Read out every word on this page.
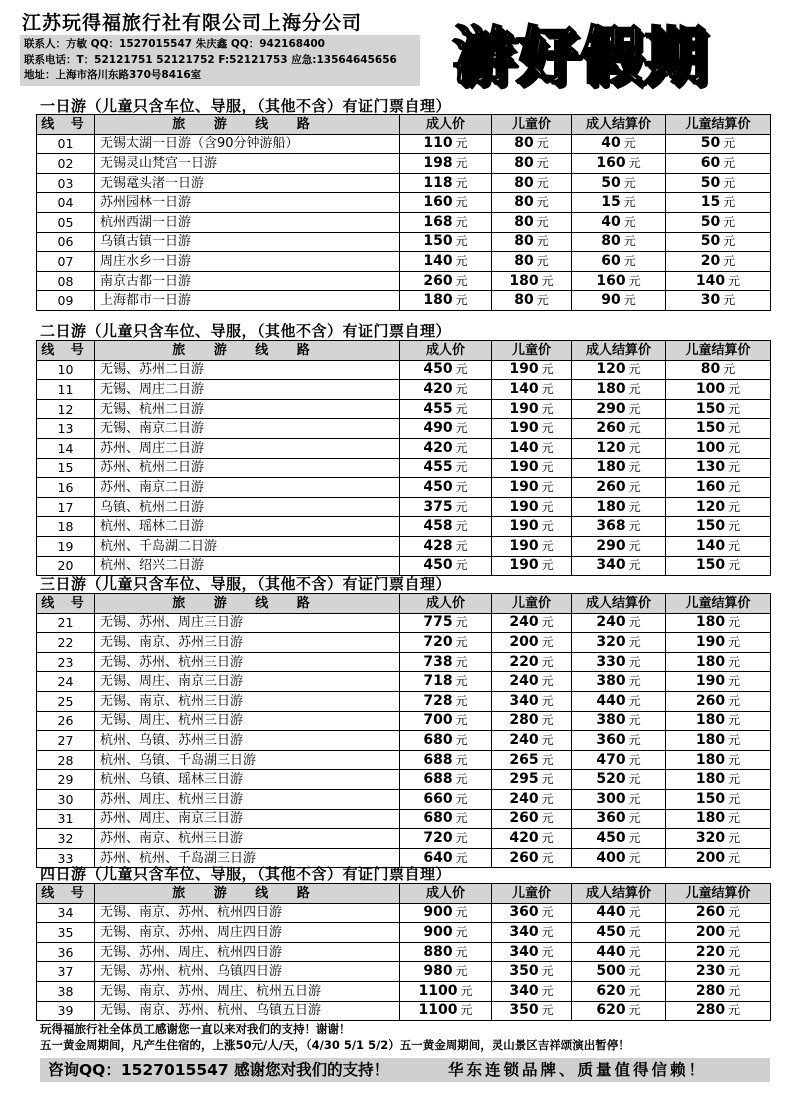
江苏玩得福旅行社有限公司上海分公司
联系人：方敏 QQ：1527015547 朱庆鑫 QQ：942168400
联系电话：T：52121751 52121752 F:52121753 应急:13564645656
地址：上海市洛川东路370号8416室	游好假期
一日游（儿童只含车位、导服，（其他不含）有证门票自理）
线 号	旅 游 线 路	成人价	儿童价	成人结算价	儿童结算价
01	无锡太湖一日游（含90分钟游船）	110 元	80 元	40 元	50 元
02	无锡灵山梵宫一日游	198 元	80 元	160 元	60 元
03	无锡鼋头渚一日游	118 元	80 元	50 元	50 元
04	苏州园林一日游	160 元	80 元	15 元	15 元
05	杭州西湖一日游	168 元	80 元	40 元	50 元
06	乌镇古镇一日游	150 元	80 元	80 元	50 元
07	周庄水乡一日游	140 元	80 元	60 元	20 元
08	南京古都一日游	260 元	180 元	160 元	140 元
09	上海都市一日游	180 元	80 元	90 元	30 元
二日游（儿童只含车位、导服，（其他不含）有证门票自理）
线 号	旅 游 线 路	成人价	儿童价	成人结算价	儿童结算价
10	无锡、苏州二日游	450 元	190 元	120 元	80 元
11	无锡、周庄二日游	420 元	140 元	180 元	100 元
12	无锡、杭州二日游	455 元	190 元	290 元	150 元
13	无锡、南京二日游	490 元	190 元	260 元	150 元
14	苏州、周庄二日游	420 元	140 元	120 元	100 元
15	苏州、杭州二日游	455 元	190 元	180 元	130 元
16	苏州、南京二日游	450 元	190 元	260 元	160 元
17	乌镇、杭州二日游	375 元	190 元	180 元	120 元
18	杭州、瑶林二日游	458 元	190 元	368 元	150 元
19	杭州、千岛湖二日游	428 元	190 元	290 元	140 元
20	杭州、绍兴二日游	450 元	190 元	340 元	150 元
三日游（儿童只含车位、导服，（其他不含）有证门票自理）
线 号	旅 游 线 路	成人价	儿童价	成人结算价	儿童结算价
21	无锡、苏州、周庄三日游	775 元	240 元	240 元	180 元
22	无锡、南京、苏州三日游	720 元	200 元	320 元	190 元
23	无锡、苏州、杭州三日游	738 元	220 元	330 元	180 元
24	无锡、周庄、南京三日游	718 元	240 元	380 元	190 元
25	无锡、南京、杭州三日游	728 元	340 元	440 元	260 元
26	无锡、周庄、杭州三日游	700 元	280 元	380 元	180 元
27	杭州、乌镇、苏州三日游	680 元	240 元	360 元	180 元
28	杭州、乌镇、千岛湖三日游	688 元	265 元	470 元	180 元
29	杭州、乌镇、瑶林三日游	688 元	295 元	520 元	180 元
30	苏州、周庄、杭州三日游	660 元	240 元	300 元	150 元
31	苏州、周庄、南京三日游	680 元	260 元	360 元	180 元
32	苏州、南京、杭州三日游	720 元	420 元	450 元	320 元
33	苏州、杭州、千岛湖三日游	640 元	260 元	400 元	200 元
四日游（儿童只含车位、导服，（其他不含）有证门票自理）
线 号	旅 游 线 路	成人价	儿童价	成人结算价	儿童结算价
34	无锡、南京、苏州、杭州四日游	900 元	360 元	440 元	260 元
35	无锡、南京、苏州、周庄四日游	900 元	340 元	450 元	200 元
36	无锡、苏州、周庄、杭州四日游	880 元	340 元	440 元	220 元
37	无锡、苏州、杭州、乌镇四日游	980 元	350 元	500 元	230 元
38	无锡、南京、苏州、周庄、杭州五日游	1100 元	340 元	620 元	280 元
39	无锡、南京、苏州、杭州、乌镇五日游	1100 元	350 元	620 元	280 元
玩得福旅行社全体员工感谢您一直以来对我们的支持！谢谢！
五一黄金周期间，凡产生住宿的，上涨50元/人/天，（4/30 5/1 5/2）五一黄金周期间，灵山景区吉祥颂演出暂停！
咨询QQ：1527015547 感谢您对我们的支持！	华东连锁品牌、质量值得信赖！
